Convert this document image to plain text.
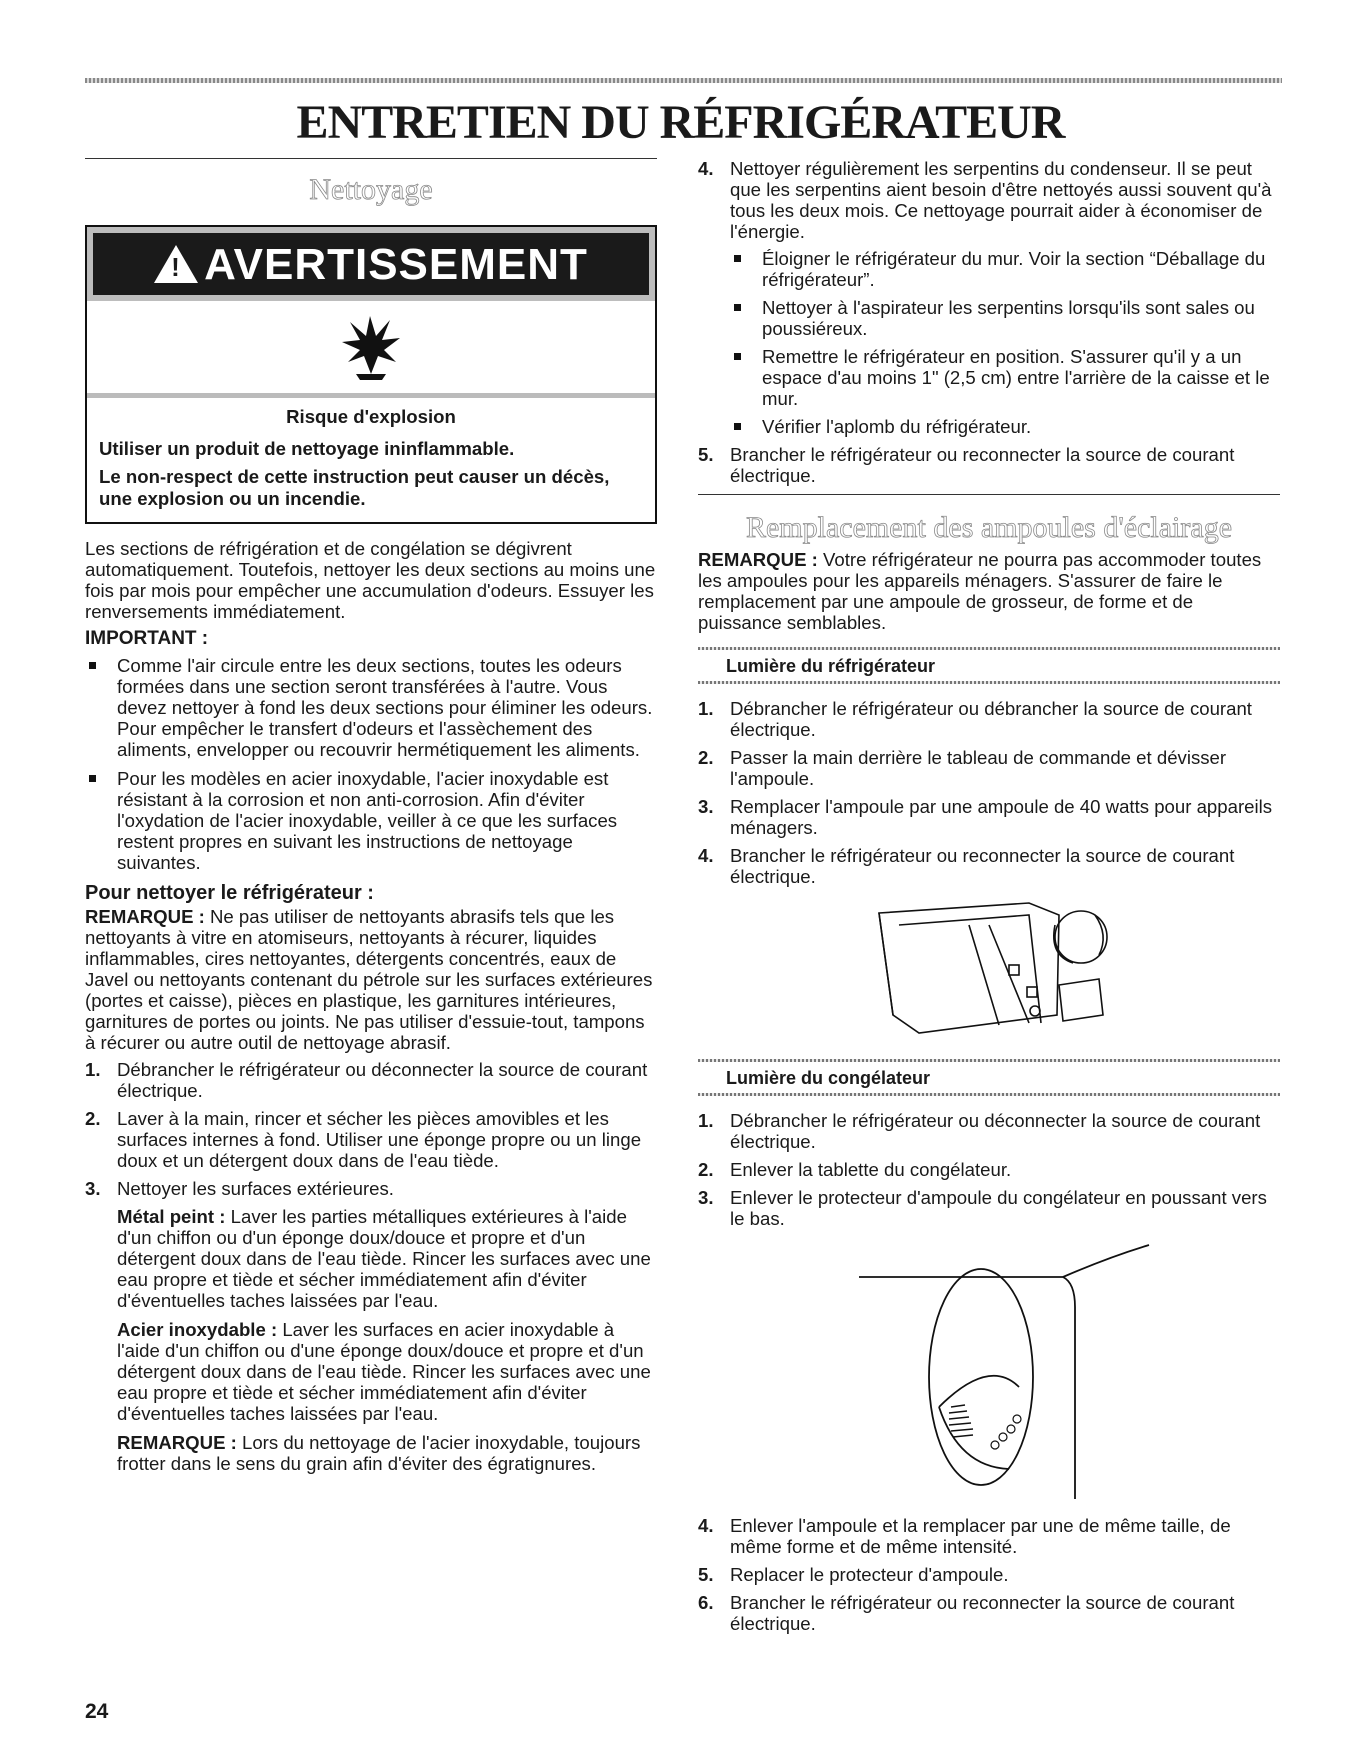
ENTRETIEN DU RÉFRIGÉRATEUR
Nettoyage
! AVERTISSEMENT
Risque d'explosion

Utiliser un produit de nettoyage ininflammable.

Le non-respect de cette instruction peut causer un décès, une explosion ou un incendie.

Les sections de réfrigération et de congélation se dégivrent automatiquement. Toutefois, nettoyer les deux sections au moins une fois par mois pour empêcher une accumulation d'odeurs. Essuyer les renversements immédiatement.

IMPORTANT :
Comme l'air circule entre les deux sections, toutes les odeurs formées dans une section seront transférées à l'autre. Vous devez nettoyer à fond les deux sections pour éliminer les odeurs. Pour empêcher le transfert d'odeurs et l'assèchement des aliments, envelopper ou recouvrir hermétiquement les aliments.
Pour les modèles en acier inoxydable, l'acier inoxydable est résistant à la corrosion et non anti-corrosion. Afin d'éviter l'oxydation de l'acier inoxydable, veiller à ce que les surfaces restent propres en suivant les instructions de nettoyage suivantes.
Pour nettoyer le réfrigérateur :

REMARQUE : Ne pas utiliser de nettoyants abrasifs tels que les nettoyants à vitre en atomiseurs, nettoyants à récurer, liquides inflammables, cires nettoyantes, détergents concentrés, eaux de Javel ou nettoyants contenant du pétrole sur les surfaces extérieures (portes et caisse), pièces en plastique, les garnitures intérieures, garnitures de portes ou joints. Ne pas utiliser d'essuie-tout, tampons à récurer ou autre outil de nettoyage abrasif.

1. Débrancher le réfrigérateur ou déconnecter la source de courant électrique.
2. Laver à la main, rincer et sécher les pièces amovibles et les surfaces internes à fond. Utiliser une éponge propre ou un linge doux et un détergent doux dans de l'eau tiède.
3. Nettoyer les surfaces extérieures.

Métal peint : Laver les parties métalliques extérieures à l'aide d'un chiffon ou d'un éponge doux/douce et propre et d'un détergent doux dans de l'eau tiède. Rincer les surfaces avec une eau propre et tiède et sécher immédiatement afin d'éviter d'éventuelles taches laissées par l'eau.

Acier inoxydable : Laver les surfaces en acier inoxydable à l'aide d'un chiffon ou d'une éponge doux/douce et propre et d'un détergent doux dans de l'eau tiède. Rincer les surfaces avec une eau propre et tiède et sécher immédiatement afin d'éviter d'éventuelles taches laissées par l'eau.

REMARQUE : Lors du nettoyage de l'acier inoxydable, toujours frotter dans le sens du grain afin d'éviter des égratignures.

4. Nettoyer régulièrement les serpentins du condenseur. Il se peut que les serpentins aient besoin d'être nettoyés aussi souvent qu'à tous les deux mois. Ce nettoyage pourrait aider à économiser de l'énergie.
Éloigner le réfrigérateur du mur. Voir la section “Déballage du réfrigérateur”.
Nettoyer à l'aspirateur les serpentins lorsqu'ils sont sales ou poussiéreux.
Remettre le réfrigérateur en position. S'assurer qu'il y a un espace d'au moins 1" (2,5 cm) entre l'arrière de la caisse et le mur.
Vérifier l'aplomb du réfrigérateur.
5. Brancher le réfrigérateur ou reconnecter la source de courant électrique.
Remplacement des ampoules d'éclairage

REMARQUE : Votre réfrigérateur ne pourra pas accommoder toutes les ampoules pour les appareils ménagers. S'assurer de faire le remplacement par une ampoule de grosseur, de forme et de puissance semblables.

Lumière du réfrigérateur
1. Débrancher le réfrigérateur ou débrancher la source de courant électrique.
2. Passer la main derrière le tableau de commande et dévisser l'ampoule.
3. Remplacer l'ampoule par une ampoule de 40 watts pour appareils ménagers.
4. Brancher le réfrigérateur ou reconnecter la source de courant électrique.
Lumière du congélateur
1. Débrancher le réfrigérateur ou déconnecter la source de courant électrique.
2. Enlever la tablette du congélateur.
3. Enlever le protecteur d'ampoule du congélateur en poussant vers le bas.
4. Enlever l'ampoule et la remplacer par une de même taille, de même forme et de même intensité.
5. Replacer le protecteur d'ampoule.
6. Brancher le réfrigérateur ou reconnecter la source de courant électrique.
24
